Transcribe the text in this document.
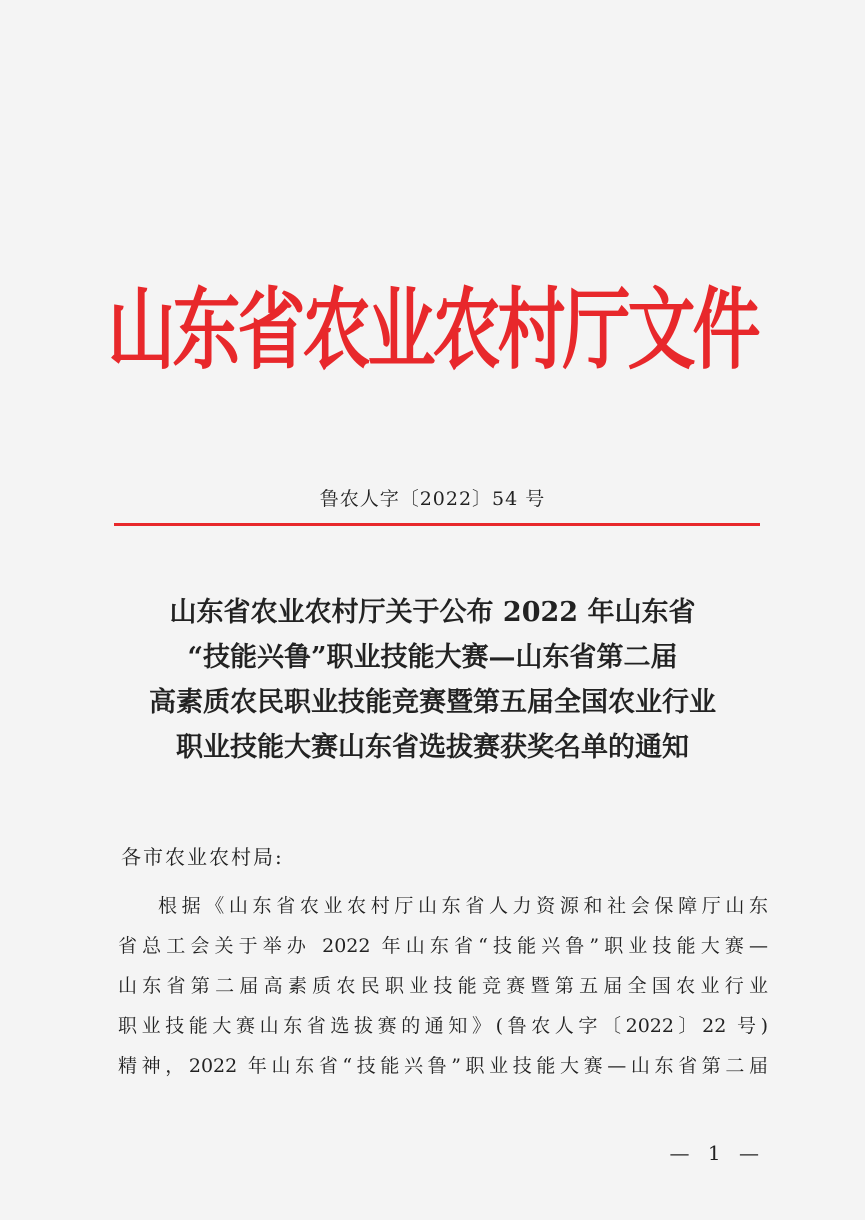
山东省农业农村厅文件
鲁农人字〔2022〕54 号
山东省农业农村厅关于公布 2022 年山东省
“技能兴鲁”职业技能大赛—山东省第二届
高素质农民职业技能竞赛暨第五届全国农业行业
职业技能大赛山东省选拔赛获奖名单的通知
各市农业农村局:
根据《山东省农业农村厅山东省人力资源和社会保障厅山东
省总工会关于举办 2022 年山东省“技能兴鲁”职业技能大赛—
山东省第二届高素质农民职业技能竞赛暨第五届全国农业行业
职业技能大赛山东省选拔赛的通知》(鲁农人字〔2022〕22 号)
精神，2022 年山东省“技能兴鲁”职业技能大赛—山东省第二届
— 1 —
